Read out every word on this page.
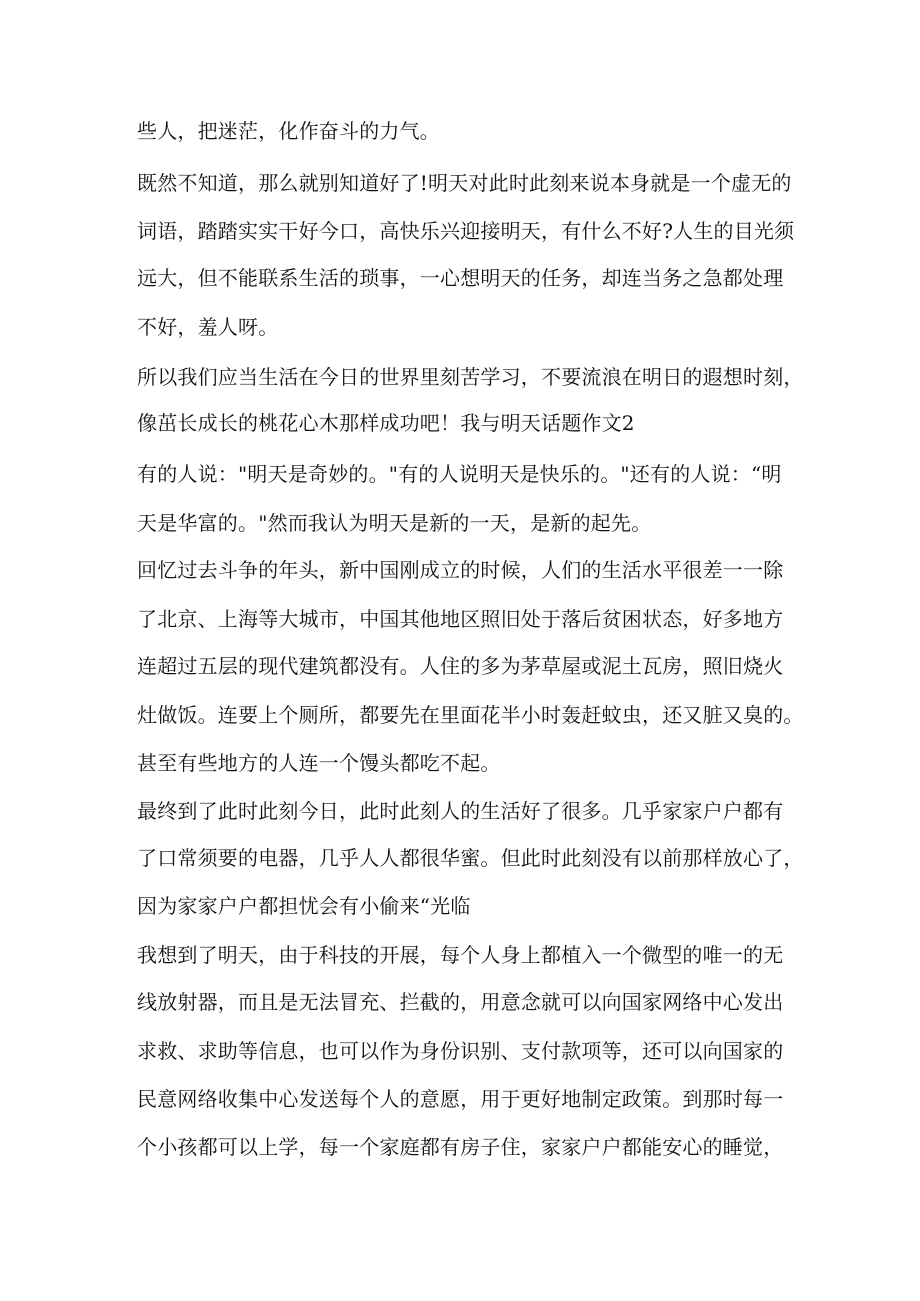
些人，把迷茫，化作奋斗的力气。
既然不知道，那么就别知道好了!明天对此时此刻来说本身就是一个虚无的
词语，踏踏实实干好今口，高快乐兴迎接明天，有什么不好?人生的目光须
远大，但不能联系生活的琐事，一心想明天的任务，却连当务之急都处理
不好，羞人呀。
所以我们应当生活在今日的世界里刻苦学习，不要流浪在明日的遐想时刻，
像茁长成长的桃花心木那样成功吧！我与明天话题作文2
有的人说："明天是奇妙的。"有的人说明天是快乐的。"还有的人说：“明
天是华富的。"然而我认为明天是新的一天，是新的起先。
回忆过去斗争的年头，新中国刚成立的时候，人们的生活水平很差一一除
了北京、上海等大城市，中国其他地区照旧处于落后贫困状态，好多地方
连超过五层的现代建筑都没有。人住的多为茅草屋或泥土瓦房，照旧烧火
灶做饭。连要上个厕所，都要先在里面花半小时轰赶蚊虫，还又脏又臭的。
甚至有些地方的人连一个馒头都吃不起。
最终到了此时此刻今日，此时此刻人的生活好了很多。几乎家家户户都有
了口常须要的电器，几乎人人都很华蜜。但此时此刻没有以前那样放心了，
因为家家户户都担忧会有小偷来“光临
我想到了明天，由于科技的开展，每个人身上都植入一个微型的唯一的无
线放射器，而且是无法冒充、拦截的，用意念就可以向国家网络中心发出
求救、求助等信息，也可以作为身份识别、支付款项等，还可以向国家的
民意网络收集中心发送每个人的意愿，用于更好地制定政策。到那时每一
个小孩都可以上学，每一个家庭都有房子住，家家户户都能安心的睡觉，
